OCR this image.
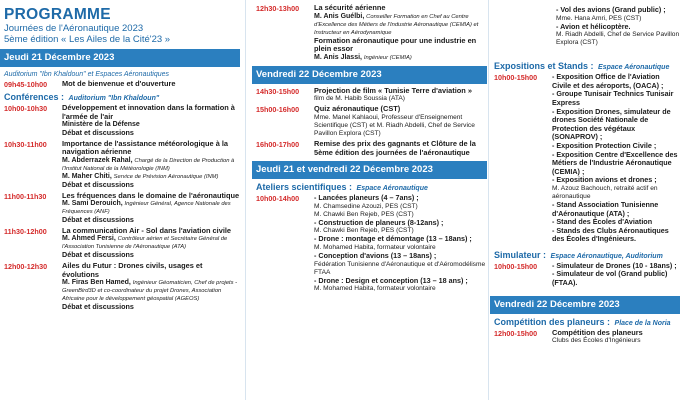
PROGRAMME
Journées de l'Aéronautique 2023
5ème édition « Les Ailes de la Cité'23 »
Jeudi 21 Décembre 2023
Auditorium "Ibn Khaldoun" et Espaces Aéronautiques
09h45-10h00	Mot de bienvenue et d'ouverture
Conférences : Auditorium "Ibn Khaldoun"
10h00-10h30	Développement et innovation dans la formation à l'armée de l'air
Ministère de la Défense
Débat et discussions
10h30-11h00	Importance de l'assistance météorologique à la navigation aérienne
M. Abderrazek Rahal, Chargé de la Direction de Production à l'Institut National de la Météorologie (INM)
M. Maher Chiti, Service de Prévision Aéronautique (INM)
Débat et discussions
11h00-11h30	Les fréquences dans le domaine de l'aéronautique
M. Sami Derouich, Ingénieur Général, Agence Nationale des Fréquences (ANF)
Débat et discussions
11h30-12h00	La communication Air - Sol dans l'aviation civile
M. Ahmed Fersi, Contrôleur aérien et Secrétaire Général de l'Association Tunisienne de l'Aéronautique (ATA)
Débat et discussions
12h00-12h30	Ailes du Futur : Drones civils, usages et évolutions
M. Firas Ben Hamed, Ingénieur Géomaticien, Chef de projets - GreenBird3D et co-coordinateur du projet Drones, Association Africaine pour le développement géospatial (AGEOS)
Débat et discussions
12h30-13h00	La sécurité aérienne
M. Anis Guélbi, Conseiller Formation en Chef au Centre d'Excellence des Métiers de l'Industrie Aéronautique (CEMIA) et Instructeur en Aérodynamique
Formation aéronautique pour une industrie en plein essor
M. Anis Jlassi, Ingénieur (CEMIA)
Vendredi 22 Décembre 2023
14h30-15h00	Projection de film « Tunisie Terre d'aviation »
film de M. Habib Soussia (ATA)
15h00-16h00	Quiz aéronautique (CST)
Mme. Manel Kahlaoui, Professeur d'Enseignement Scientifique (CST) et M. Riadh Abdelli, Chef de Service Pavillon Explora (CST)
16h00-17h00	Remise des prix des gagnants et Clôture de la 5ème édition des journées de l'aéronautique
Jeudi 21 et vendredi 22 Décembre 2023
Ateliers scientifiques : Espace Aéronautique
10h00-14h00	- Lancées planeurs (4 – 7ans) ;
M. Chamsedine Azouzi, PES (CST)
M. Chawki Ben Rejeb, PES (CST)
- Construction de planeurs (8-12ans) ;
M. Chawki Ben Rejeb, PES (CST)
- Drone : montage et démontage (13 – 18ans) ;
M. Mohamed Habita, formateur volontaire
- Conception d'avions (13 – 18ans) ;
Fédération Tunisienne d'Aéronautique et d'Aéromodélisme FTAA
- Drone : Design et conception (13 – 18 ans) ;
M. Mohamed Habita, formateur volontaire
- Vol des avions (Grand public) ;
Mme. Hana Amri, PES (CST)
- Avion et hélicoptère.
M. Riadh Abdelli, Chef de Service Pavillon Explora (CST)
Expositions et Stands : Espace Aéronautique
10h00-15h00	- Exposition Office de l'Aviation Civile et des aéroports, (OACA) ;
- Groupe Tunisair Technics Tunisair Express
- Exposition Drones, simulateur de drones Société Nationale de Protection des végétaux (SONAPROV) ;
- Exposition Protection Civile ;
- Exposition Centre d'Excellence des Métiers de l'Industrie Aéronautique (CEMIA) ;
- Exposition avions et drones ;
M. Azouz Bachouch, retraité actif en aéronautique
- Stand Association Tunisienne d'Aéronautique (ATA) ;
- Stand des Écoles d'Aviation
- Stands des Clubs Aéronautiques des Écoles d'Ingénieurs.
Simulateur : Espace Aéronautique, Auditorium
10h00-15h00	- Simulateur de Drones (10 - 18ans) ;
- Simulateur de vol (Grand public) (FTAA).
Vendredi 22 Décembre 2023
Compétition des planeurs : Place de la Noria
12h00-15h00	Compétition des planeurs
Clubs des Écoles d'Ingénieurs
